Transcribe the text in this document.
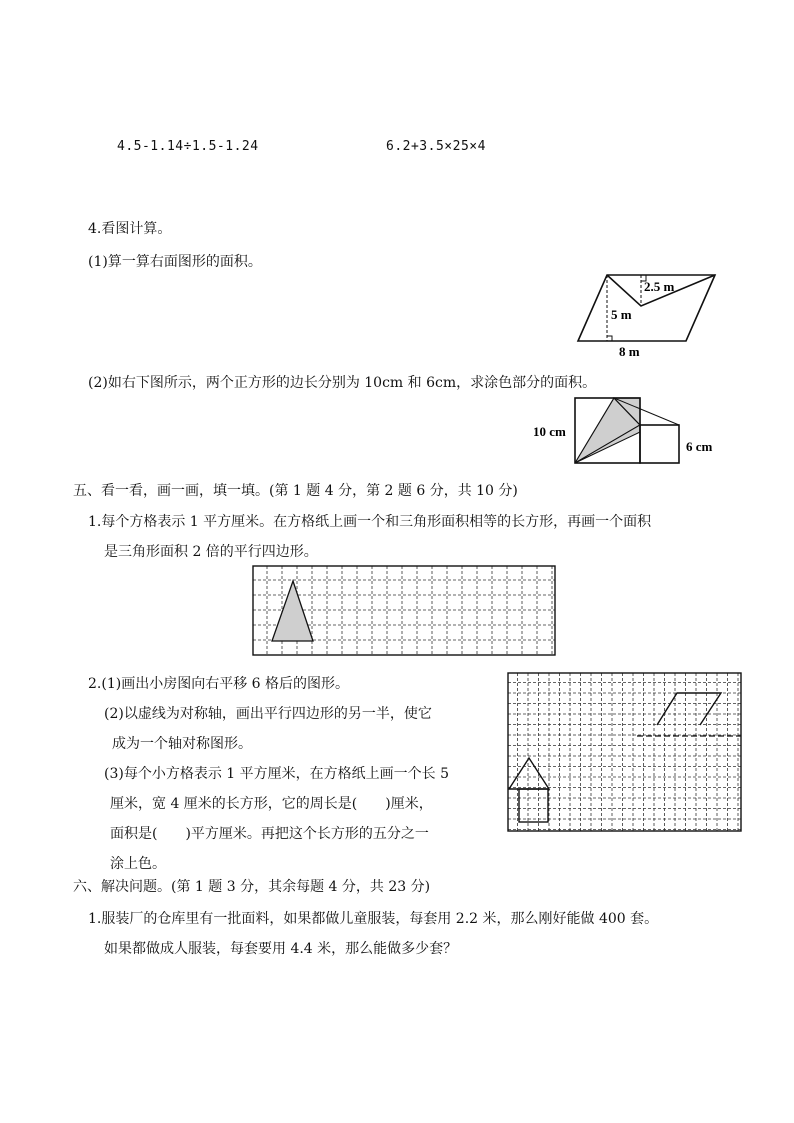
4.5-1.14÷1.5-1.24	6.2+3.5×25×4
4.看图计算。
(1)算一算右面图形的面积。
2.5 m
5 m
8 m
(2)如右下图所示，两个正方形的边长分别为 10cm 和 6cm，求涂色部分的面积。
10 cm
6 cm
五、看一看，画一画，填一填。(第 1 题 4 分，第 2 题 6 分，共 10 分)
1.每个方格表示 1 平方厘米。在方格纸上画一个和三角形面积相等的长方形，再画一个面积
是三角形面积 2 倍的平行四边形。
2.(1)画出小房图向右平移 6 格后的图形。
(2)以虚线为对称轴，画出平行四边形的另一半，使它
成为一个轴对称图形。
(3)每个小方格表示 1 平方厘米，在方格纸上画一个长 5
厘米，宽 4 厘米的长方形，它的周长是(　　)厘米，
面积是(　　)平方厘米。再把这个长方形的五分之一
涂上色。
六、解决问题。(第 1 题 3 分，其余每题 4 分，共 23 分)
1.服装厂的仓库里有一批面料，如果都做儿童服装，每套用 2.2 米，那么刚好能做 400 套。
如果都做成人服装，每套要用 4.4 米，那么能做多少套？
